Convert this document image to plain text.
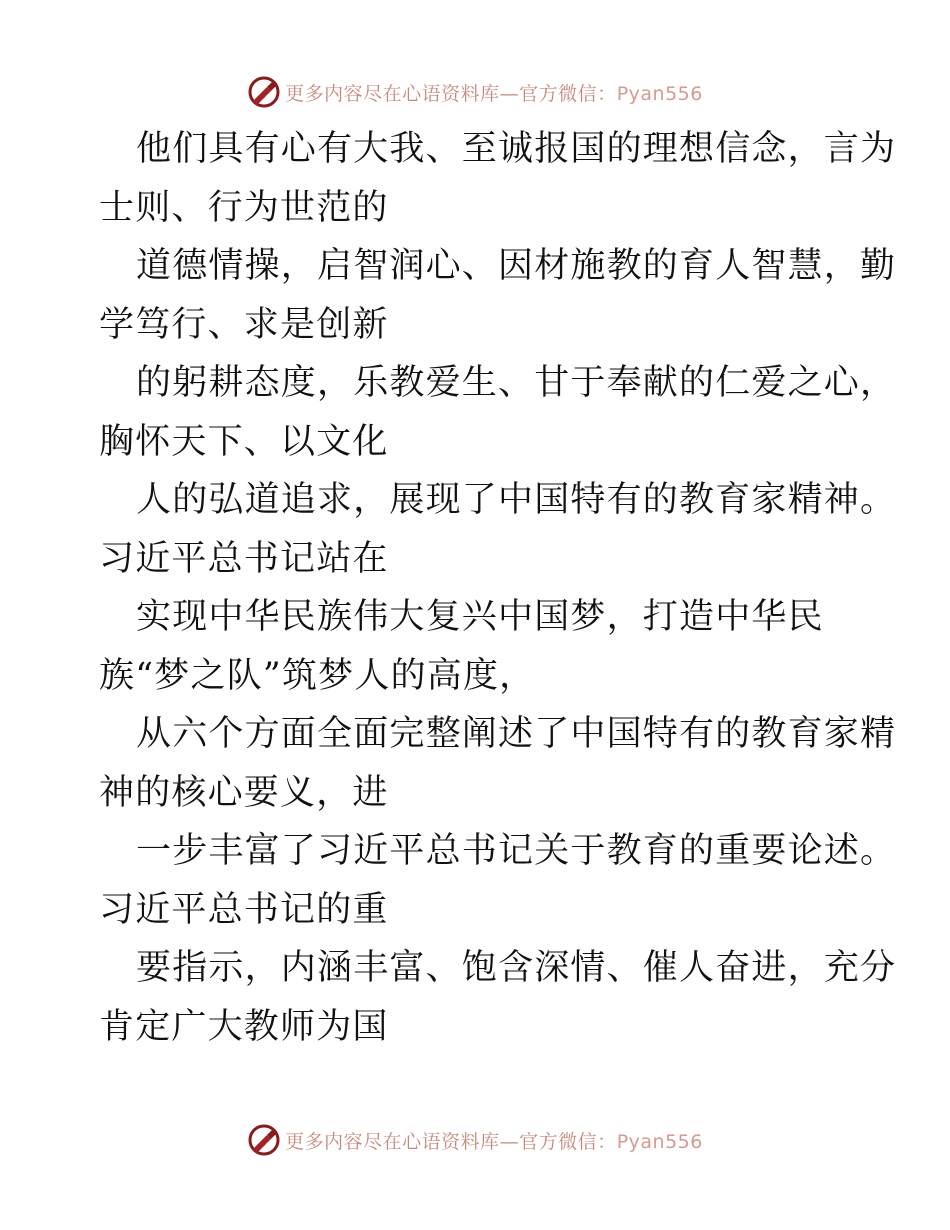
更多内容尽在心语资料库—官方微信：Pyan556
他们具有心有大我、至诚报国的理想信念，言为
士则、行为世范的
道德情操，启智润心、因材施教的育人智慧，勤
学笃行、求是创新
的躬耕态度，乐教爱生、甘于奉献的仁爱之心，
胸怀天下、以文化
人的弘道追求，展现了中国特有的教育家精神。
习近平总书记站在
实现中华民族伟大复兴中国梦，打造中华民
族“梦之队”筑梦人的高度，
从六个方面全面完整阐述了中国特有的教育家精
神的核心要义，进
一步丰富了习近平总书记关于教育的重要论述。
习近平总书记的重
要指示，内涵丰富、饱含深情、催人奋进，充分
肯定广大教师为国
更多内容尽在心语资料库—官方微信：Pyan556
